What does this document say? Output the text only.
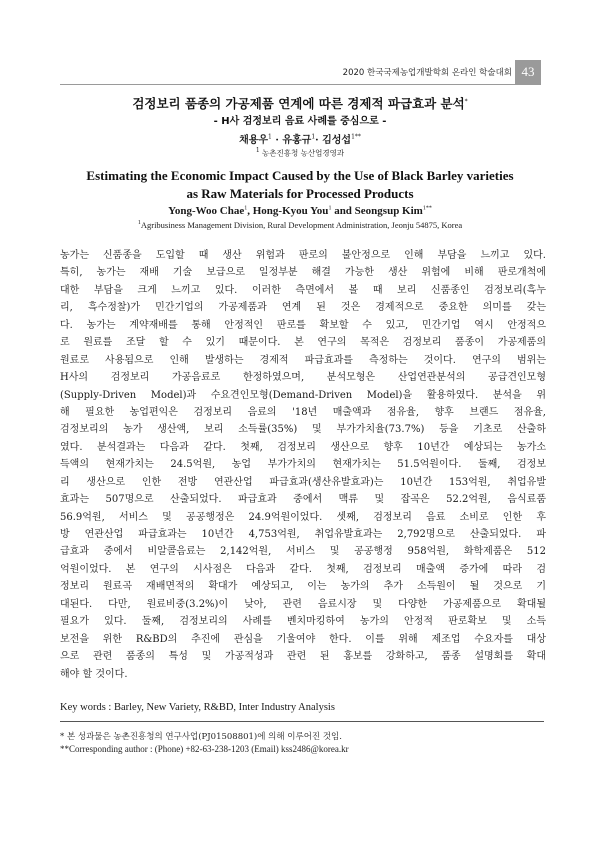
2020 한국국제농업개발학회 온라인 학술대회 43
검정보리 품종의 가공제품 연계에 따른 경제적 파급효과 분석*
- H사 검정보리 음료 사례를 중심으로 -
채용우$^1$ · 유홍규$^1$· 김성섭$^{1**}$
$^1$ 농촌진흥청 농산업경영과
Estimating the Economic Impact Caused by the Use of Black Barley varieties
as Raw Materials for Processed Products
Yong-Woo Chae$^1$, Hong-Kyou You$^1$ and Seongsup Kim$^{1**}$
$^1$Agribusiness Management Division, Rural Development Administration, Jeonju 54875, Korea
농가는 신품종을 도입할 때 생산 위험과 판로의 불안정으로 인해 부담을 느끼고 있다.
특히, 농가는 재배 기술 보급으로 일정부분 해결 가능한 생산 위험에 비해 판로개척에
대한 부담을 크게 느끼고 있다. 이러한 측면에서 볼 때 보리 신품종인 검정보리(흑누
리, 흑수정찰)가 민간기업의 가공제품과 연계 된 것은 경제적으로 중요한 의미를 갖는
다. 농가는 계약재배를 통해 안정적인 판로를 확보할 수 있고, 민간기업 역시 안정적으
로 원료를 조달 할 수 있기 때문이다. 본 연구의 목적은 검정보리 품종이 가공제품의
원료로 사용됨으로 인해 발생하는 경제적 파급효과를 측정하는 것이다. 연구의 범위는
H사의 검정보리 가공음료로 한정하였으며, 분석모형은 산업연관분석의 공급견인모형
(Supply-Driven Model)과 수요견인모형(Demand-Driven Model)을 활용하였다. 분석을 위
해 필요한 농업편익은 검정보리 음료의 '18년 매출액과 점유율, 향후 브랜드 점유율,
검정보리의 농가 생산액, 보리 소득률(35%) 및 부가가치율(73.7%) 등을 기초로 산출하
였다. 분석결과는 다음과 같다. 첫째, 검정보리 생산으로 향후 10년간 예상되는 농가소
득액의 현재가치는 24.5억원, 농업 부가가치의 현재가치는 51.5억원이다. 둘째, 검정보
리 생산으로 인한 전방 연관산업 파급효과(생산유발효과)는 10년간 153억원, 취업유발
효과는 507명으로 산출되었다. 파급효과 중에서 맥류 및 잡곡은 52.2억원, 음식료품
56.9억원, 서비스 및 공공행정은 24.9억원이었다. 셋째, 검정보리 음료 소비로 인한 후
방 연관산업 파급효과는 10년간 4,753억원, 취업유발효과는 2,792명으로 산출되었다. 파
급효과 중에서 비알콜음료는 2,142억원, 서비스 및 공공행정 958억원, 화학제품은 512
억원이었다. 본 연구의 시사점은 다음과 같다. 첫째, 검정보리 매출액 증가에 따라 검
정보리 원료곡 재배면적의 확대가 예상되고, 이는 농가의 추가 소득원이 될 것으로 기
대된다. 다만, 원료비중(3.2%)이 낮아, 관련 음료시장 및 다양한 가공제품으로 확대될
필요가 있다. 둘째, 검정보리의 사례를 벤치마킹하여 농가의 안정적 판로확보 및 소득
보전을 위한 R&BD의 추진에 관심을 기울여야 한다. 이를 위해 제조업 수요자를 대상
으로 관련 품종의 특성 및 가공적성과 관련 된 홍보를 강화하고, 품종 설명회를 확대
해야 할 것이다.
Key words : Barley, New Variety, R&BD, Inter Industry Analysis
* 본 성과물은 농촌진흥청의 연구사업(PJ01508801)에 의해 이루어진 것임.
**Corresponding author : (Phone) +82-63-238-1203 (Email) kss2486@korea.kr
